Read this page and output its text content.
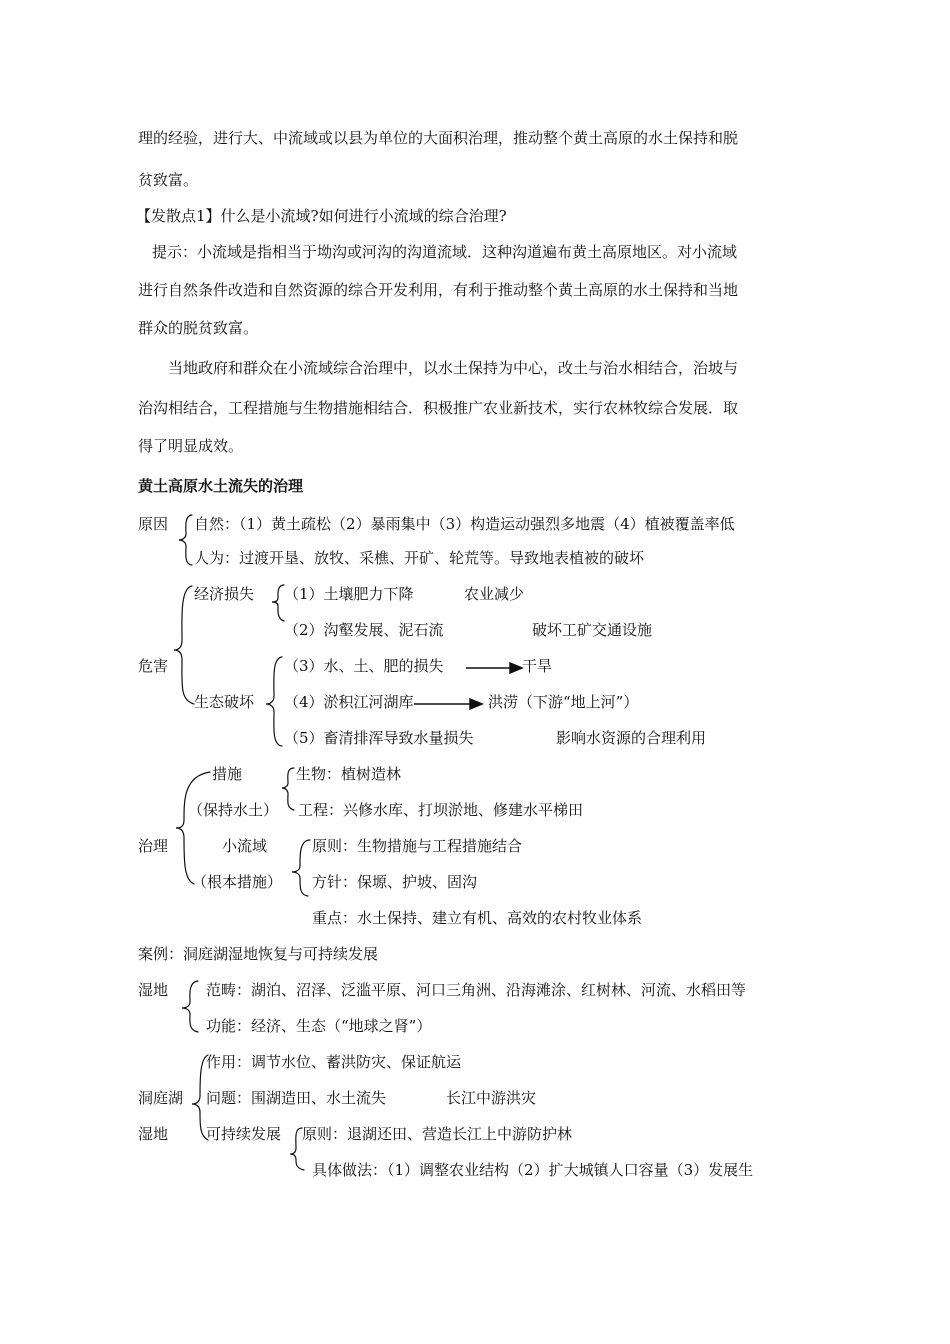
理的经验，进行大、中流域或以县为单位的大面积治理，推动整个黄土高原的水土保持和脱
贫致富。
【发散点1】什么是小流域?如何进行小流域的综合治理?
提示：小流域是指相当于坳沟或河沟的沟道流域．这种沟道遍布黄土高原地区。对小流域
进行自然条件改造和自然资源的综合开发利用，有利于推动整个黄土高原的水土保持和当地
群众的脱贫致富。
当地政府和群众在小流域综合治理中，以水土保持为中心，改土与治水相结合，治坡与
治沟相结合，工程措施与生物措施相结合．积极推广农业新技术，实行农林牧综合发展．取
得了明显成效。
黄土高原水土流失的治理
原因 自然：（1）黄土疏松（2）暴雨集中（3）构造运动强烈多地震（4）植被覆盖率低
人为：过渡开垦、放牧、采樵、开矿、轮荒等。导致地表植被的破坏
危害
经济损失 （1）土壤肥力下降	农业减少
（2）沟壑发展、泥石流	破坏工矿交通设施
生态破坏
（3）水、土、肥的损失	干旱
（4）淤积江河湖库	洪涝（下游“地上河”）
（5）畜清排浑导致水量损失	影响水资源的合理利用
治理
措施
（保持水土）
生物：植树造林
工程：兴修水库、打坝淤地、修建水平梯田
小流域
（根本措施）
原则：生物措施与工程措施结合
方针：保塬、护坡、固沟
重点：水土保持、建立有机、高效的农村牧业体系
案例：洞庭湖湿地恢复与可持续发展
湿地	范畴：湖泊、沼泽、泛滥平原、河口三角洲、沿海滩涂、红树林、河流、水稻田等
功能：经济、生态（“地球之肾”）
洞庭湖
湿地
作用：调节水位、蓄洪防灾、保证航运
问题：围湖造田、水土流失	长江中游洪灾
可持续发展 原则：退湖还田、营造长江上中游防护林
具体做法：（1）调整农业结构（2）扩大城镇人口容量（3）发展生
